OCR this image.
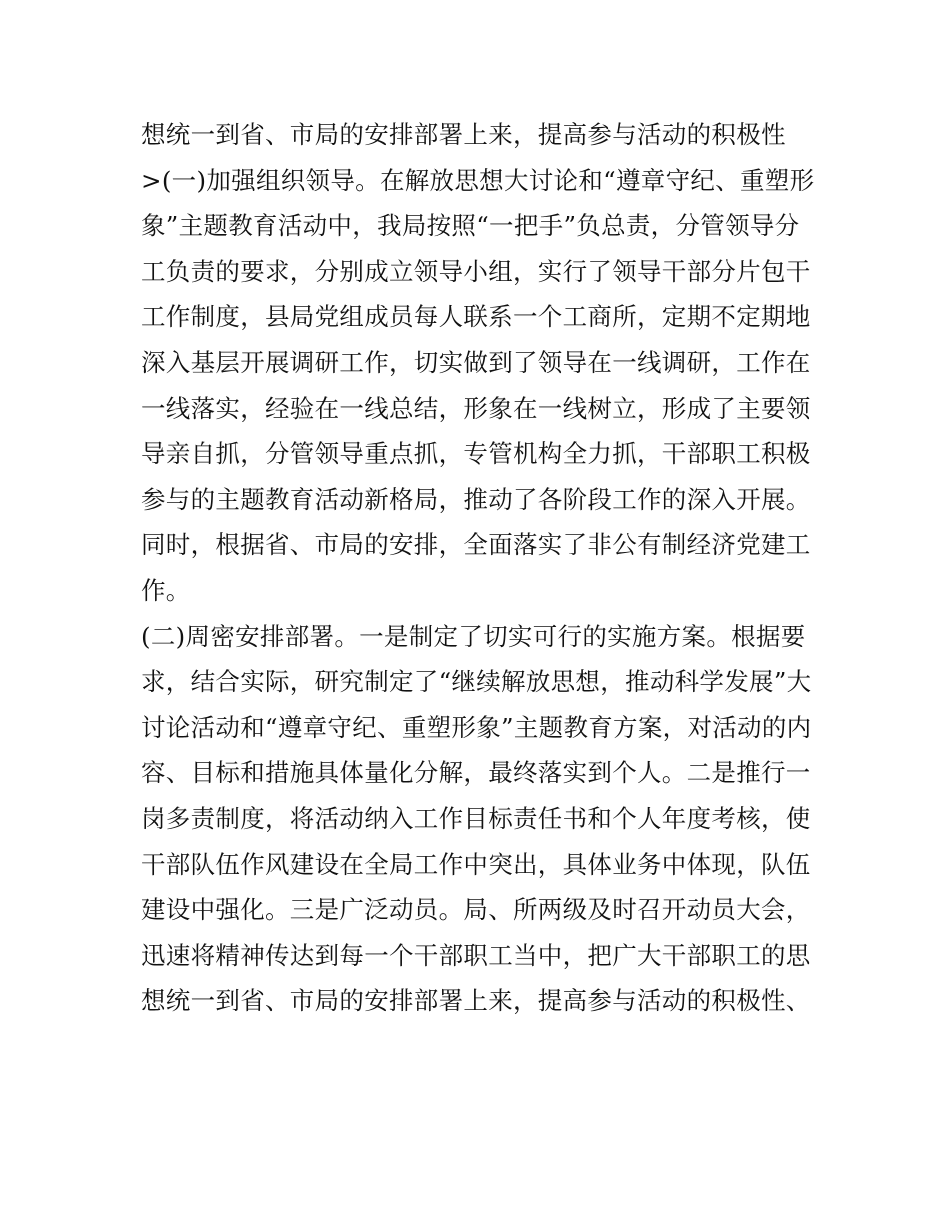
想统一到省、市局的安排部署上来，提高参与活动的积极性
>(一)加强组织领导。在解放思想大讨论和“遵章守纪、重塑形
象”主题教育活动中，我局按照“一把手”负总责，分管领导分
工负责的要求，分别成立领导小组，实行了领导干部分片包干
工作制度，县局党组成员每人联系一个工商所，定期不定期地
深入基层开展调研工作，切实做到了领导在一线调研，工作在
一线落实，经验在一线总结，形象在一线树立，形成了主要领
导亲自抓，分管领导重点抓，专管机构全力抓，干部职工积极
参与的主题教育活动新格局，推动了各阶段工作的深入开展。
同时，根据省、市局的安排，全面落实了非公有制经济党建工
作。
(二)周密安排部署。一是制定了切实可行的实施方案。根据要
求，结合实际，研究制定了“继续解放思想，推动科学发展”大
讨论活动和“遵章守纪、重塑形象”主题教育方案，对活动的内
容、目标和措施具体量化分解，最终落实到个人。二是推行一
岗多责制度，将活动纳入工作目标责任书和个人年度考核，使
干部队伍作风建设在全局工作中突出，具体业务中体现，队伍
建设中强化。三是广泛动员。局、所两级及时召开动员大会，
迅速将精神传达到每一个干部职工当中，把广大干部职工的思
想统一到省、市局的安排部署上来，提高参与活动的积极性、
